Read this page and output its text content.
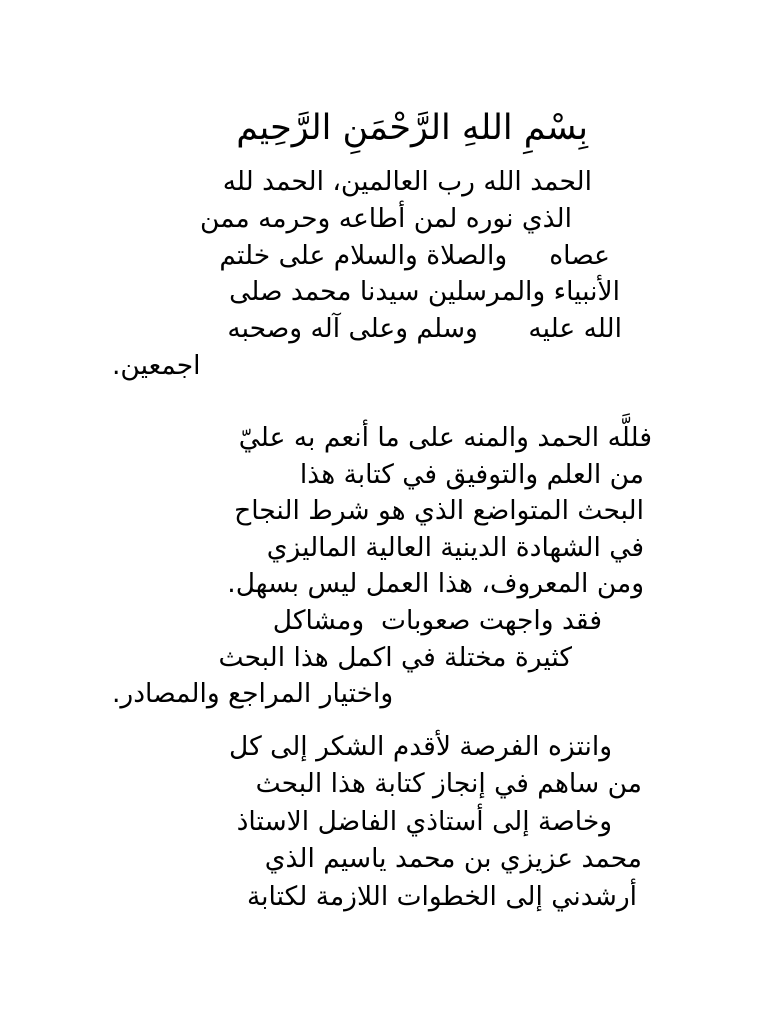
بِسْمِ اللهِ الرَّحْمَنِ الرَّحِيم

الحمد الله رب العالمين، الحمد لله
الذي نوره لمن أطاعه وحرمه ممن
عصاه     والصلاة والسلام على خلتم
الأنبياء والمرسلين سيدنا محمد صلى
الله عليه      وسلم وعلى آله وصحبه
اجمعين.

فللَّه الحمد والمنه على ما أنعم به عليّ
من العلم والتوفيق في كتابة هذا
البحث المتواضع الذي هو شرط النجاح
في الشهادة الدينية العالية الماليزي
ومن المعروف، هذا العمل ليس بسهل.
فقد واجهت صعوبات  ومشاكل
كثيرة مختلة في اكمل هذا البحث
واختيار المراجع والمصادر.

وانتزه الفرصة لأقدم الشكر إلى كل
من ساهم في إنجاز كتابة هذا البحث
وخاصة إلى أستاذي الفاضل الاستاذ
محمد عزيزي بن محمد ياسيم الذي
أرشدني إلى الخطوات اللازمة لكتابة
